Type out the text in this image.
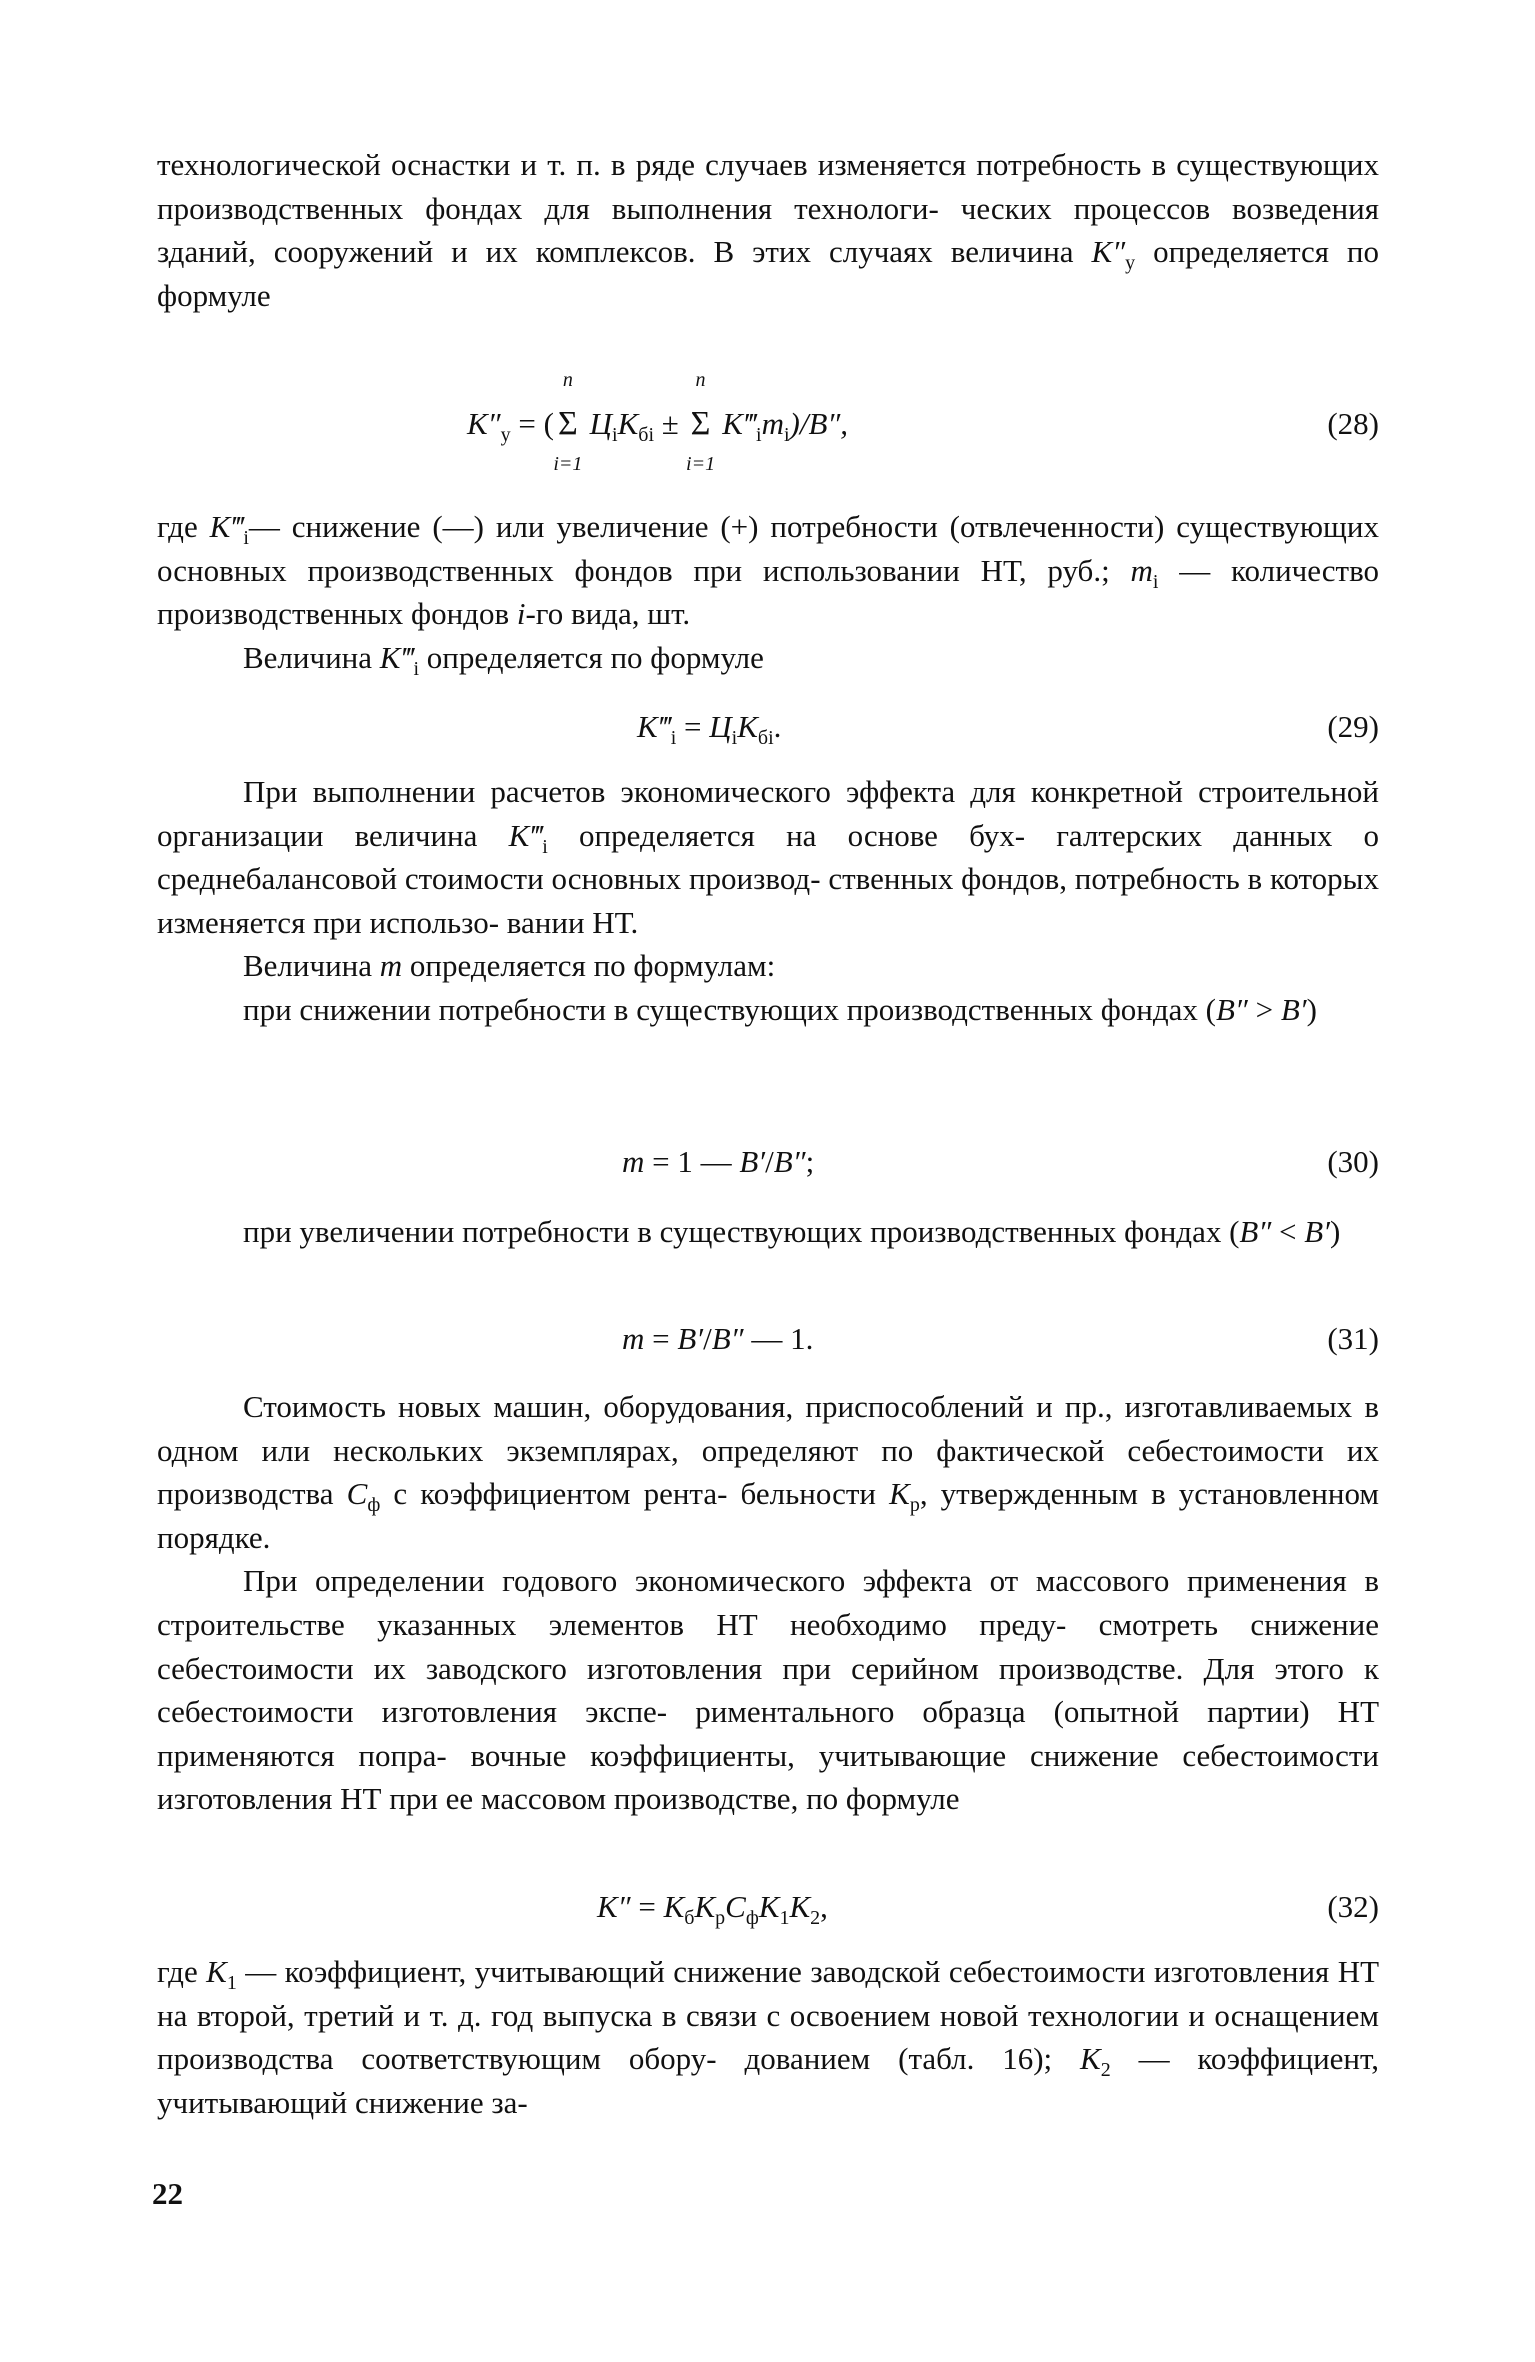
технологической оснастки и т. п. в ряде случаев изменяется потребность в существующих производственных фондах для выполнения технологи- ческих процессов возведения зданий, сооружений и их комплексов. В этих случаях величина $K''_у$ определяется по формуле

$K''_у$ = (
n
Σ
i=1
$Ц_iK_{бi}$ ±
n
Σ
i=1
$K‴_im_i)/B''$,	(28)

где $K‴_i—$ снижение (—) или увеличение (+) потребности (отвлеченности) существующих основных производственных фондов при использовании НТ, руб.; $m_i$ — количество производственных фондов i-го вида, шт.

Величина $K‴_i$ определяется по формуле

$K‴_i = Ц_iK_{бi}$.	(29)

При выполнении расчетов экономического эффекта для конкретной строительной организации величина $K‴_i$ определяется на основе бух- галтерских данных о среднебалансовой стоимости основных производ- ственных фондов, потребность в которых изменяется при использо- вании НТ.

Величина m определяется по формулам:

при снижении потребности в существующих производственных фондах (B″ > B′)

m = 1 — B′/B″;	(30)

при увеличении потребности в существующих производственных фондах (B″ < B′)

m = B′/B″ — 1.	(31)

Стоимость новых машин, оборудования, приспособлений и пр., изготавливаемых в одном или нескольких экземплярах, определяют по фактической себестоимости их производства $C_ф$ с коэффициентом рента- бельности $K_р$, утвержденным в установленном порядке.

При определении годового экономического эффекта от массового применения в строительстве указанных элементов НТ необходимо преду- смотреть снижение себестоимости их заводского изготовления при серийном производстве. Для этого к себестоимости изготовления экспе- риментального образца (опытной партии) НТ применяются попра- вочные коэффициенты, учитывающие снижение себестоимости изготовления НТ при ее массовом производстве, по формуле

$K'' = K_бK_рC_фK_1K_2$,	(32)

где $K_1$ — коэффициент, учитывающий снижение заводской себестоимости изготовления НТ на второй, третий и т. д. год выпуска в связи с освоением новой технологии и оснащением производства соответствующим обору- дованием (табл. 16); $K_2$ — коэффициент, учитывающий снижение за-

22
